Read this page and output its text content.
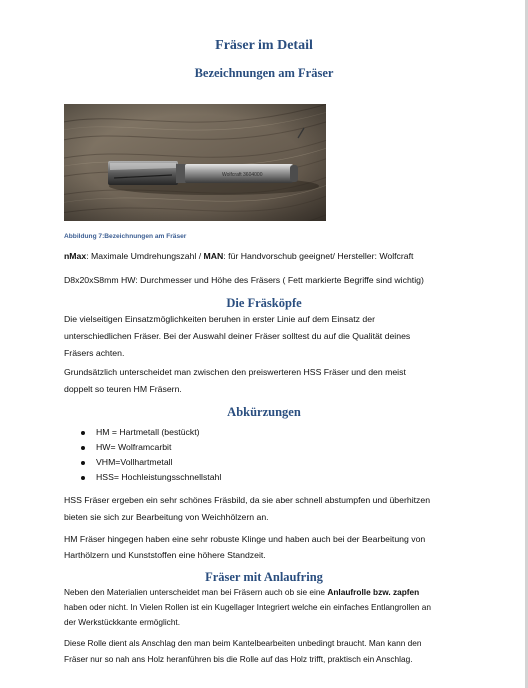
Fräser im Detail
Bezeichnungen am Fräser
Abbildung 7:Bezeichnungen am Fräser
nMax: Maximale Umdrehungszahl / MAN: für Handvorschub geeignet/ Hersteller: Wolfcraft
D8x20xS8mm HW: Durchmesser und Höhe des Fräsers ( Fett markierte Begriffe sind wichtig)
Die Fräsköpfe
Die vielseitigen Einsatzmöglichkeiten beruhen in erster Linie auf dem Einsatz der
unterschiedlichen Fräser. Bei der Auswahl deiner Fräser solltest du auf die Qualität deines
Fräsers achten.
Grundsätzlich unterscheidet man zwischen den preiswerteren HSS Fräser und den meist
doppelt so teuren HM Fräsern.
Abkürzungen
HM = Hartmetall (bestückt)
HW= Wolframcarbit
VHM=Vollhartmetall
HSS= Hochleistungsschnellstahl
HSS Fräser ergeben ein sehr schönes Fräsbild, da sie aber schnell abstumpfen und überhitzen
bieten sie sich zur Bearbeitung von Weichhölzern an.
HM Fräser hingegen haben eine sehr robuste Klinge und haben auch bei der Bearbeitung von
Harthölzern und Kunststoffen eine höhere Standzeit.
Fräser mit Anlaufring
Neben den Materialien unterscheidet man bei Fräsern auch ob sie eine Anlaufrolle bzw. zapfen
haben oder nicht. In Vielen Rollen ist ein Kugellager Integriert welche ein einfaches Entlangrollen an
der Werkstückkante ermöglicht.
Diese Rolle dient als Anschlag den man beim Kantelbearbeiten unbedingt braucht. Man kann den
Fräser nur so nah ans Holz heranführen bis die Rolle auf das Holz trifft, praktisch ein Anschlag.
